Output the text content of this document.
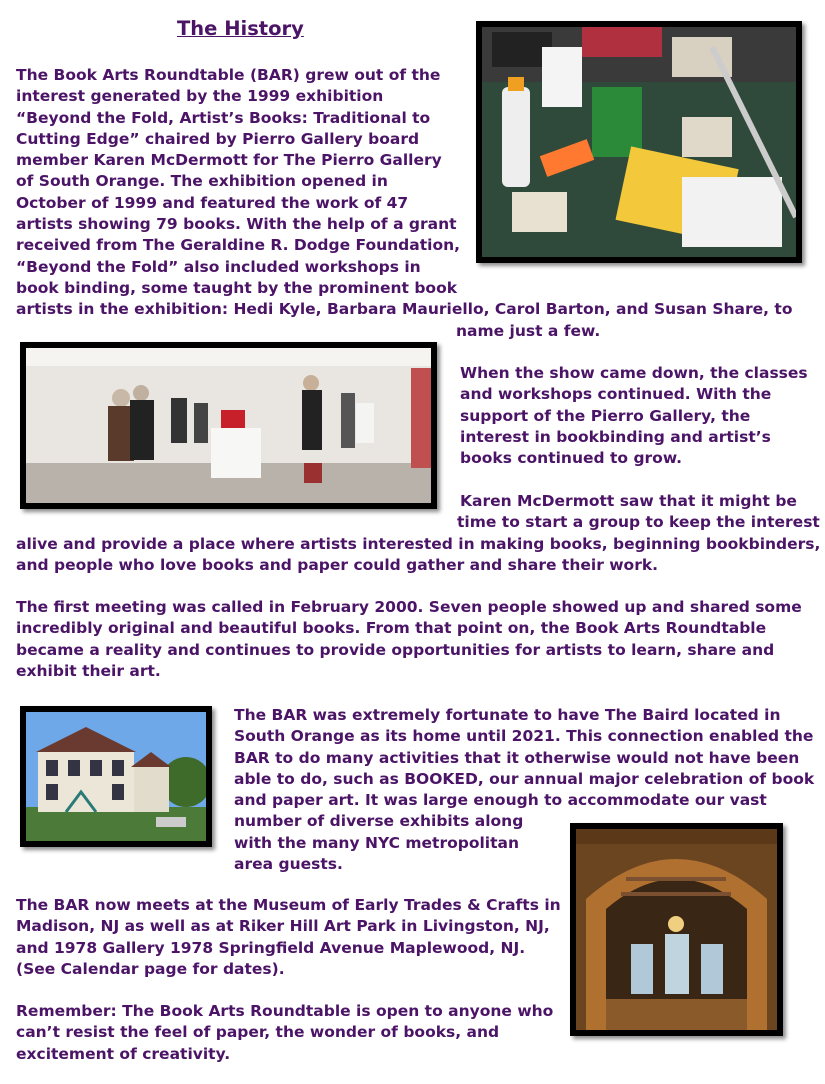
The History
The Book Arts Roundtable (BAR) grew out of the
interest generated by the 1999 exhibition
“Beyond the Fold, Artist’s Books: Traditional to
Cutting Edge” chaired by Pierro Gallery board
member Karen McDermott for The Pierro Gallery
of South Orange. The exhibition opened in
October of 1999 and featured the work of 47
artists showing 79 books. With the help of a grant
received from The Geraldine R. Dodge Foundation,
“Beyond the Fold” also included workshops in
book binding, some taught by the prominent book
artists in the exhibition: Hedi Kyle, Barbara Mauriello, Carol Barton, and Susan Share, to
name just a few.
When the show came down, the classes
and workshops continued. With the
support of the Pierro Gallery, the
interest in bookbinding and artist’s
books continued to grow.
Karen McDermott saw that it might be
time to start a group to keep the interest
alive and provide a place where artists interested in making books, beginning bookbinders,
and people who love books and paper could gather and share their work.
The first meeting was called in February 2000. Seven people showed up and shared some
incredibly original and beautiful books. From that point on, the Book Arts Roundtable
became a reality and continues to provide opportunities for artists to learn, share and
exhibit their art.
The BAR was extremely fortunate to have The Baird located in
South Orange as its home until 2021. This connection enabled the
BAR to do many activities that it otherwise would not have been
able to do, such as BOOKED, our annual major celebration of book
and paper art. It was large enough to accommodate our vast
number of diverse exhibits along
with the many NYC metropolitan
area guests.
The BAR now meets at the Museum of Early Trades & Crafts in
Madison, NJ as well as at Riker Hill Art Park in Livingston, NJ,
and 1978 Gallery 1978 Springfield Avenue Maplewood, NJ.
(See Calendar page for dates).
Remember: The Book Arts Roundtable is open to anyone who
can’t resist the feel of paper, the wonder of books, and
excitement of creativity.
